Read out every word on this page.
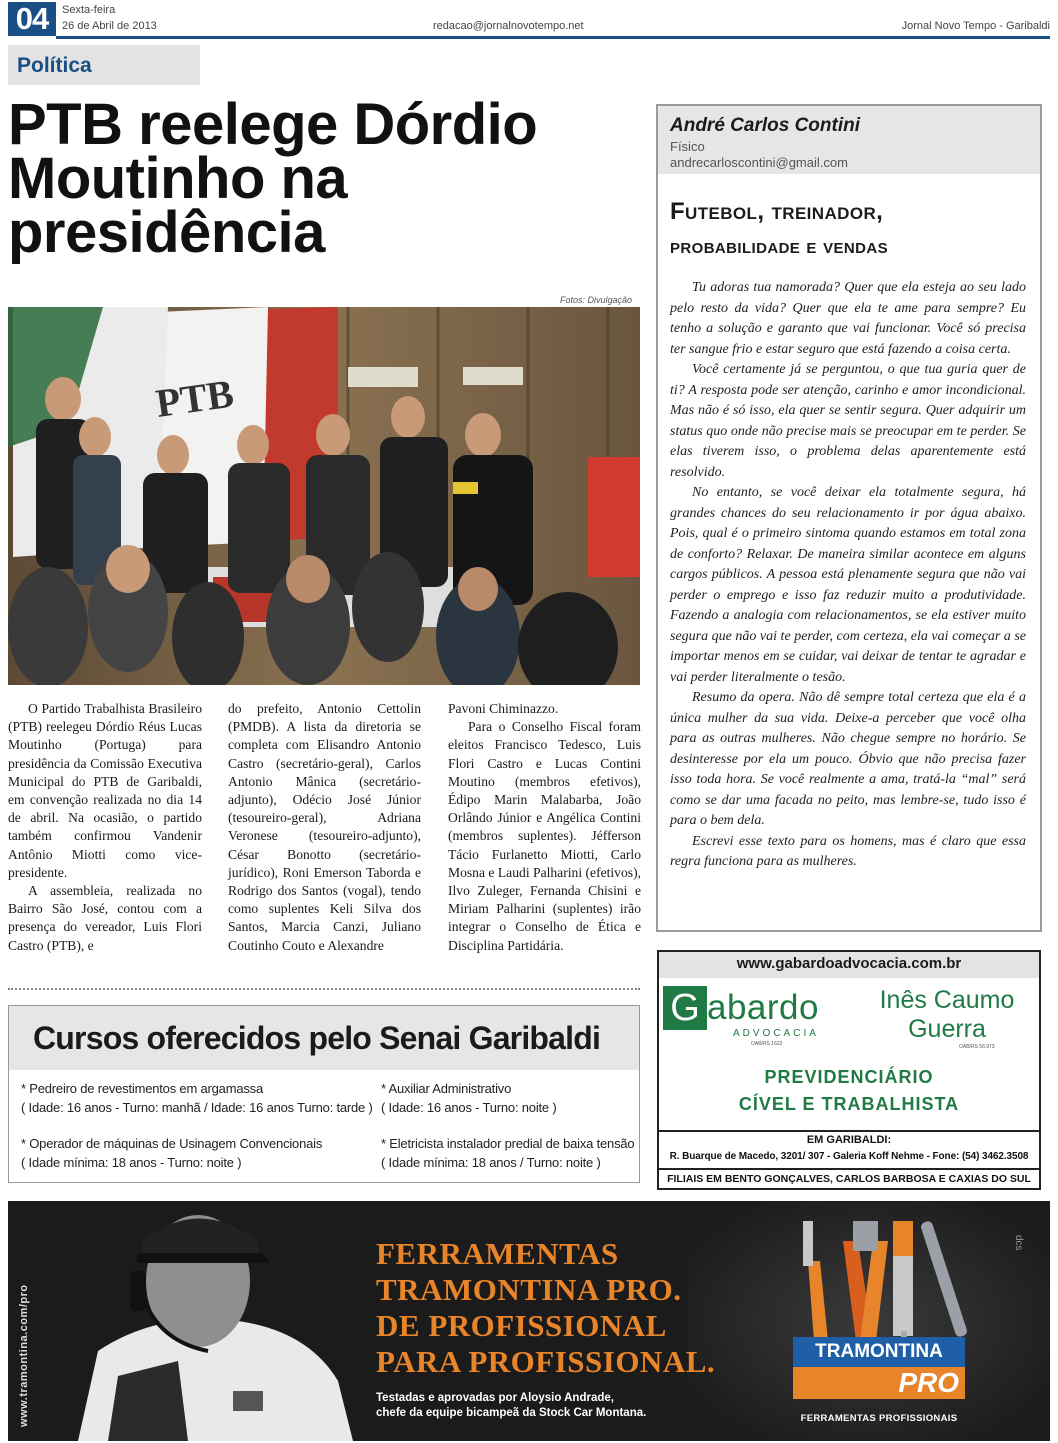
04	Sexta-feira
26 de Abril de 2013	redacao@jornalnovotempo.net	Jornal Novo Tempo - Garibaldi
Política
PTB reelege Dórdio Moutinho na presidência
Fotos: Divulgação
PTB

O Partido Trabalhista Brasileiro (PTB) reelegeu Dórdio Réus Lucas Moutinho (Portuga) para presidência da Comissão Executiva Municipal do PTB de Garibaldi, em convenção realizada no dia 14 de abril. Na ocasião, o partido também confirmou Vandenir Antônio Miotti como vice-presidente.

A assembleia, realizada no Bairro São José, contou com a presença do vereador, Luis Flori Castro (PTB), e

do prefeito, Antonio Cettolin (PMDB). A lista da diretoria se completa com Elisandro Antonio Castro (secretário-geral), Carlos Antonio Mânica (secretário-adjunto), Odécio José Júnior (tesoureiro-geral), Adriana Veronese (tesoureiro-adjunto), César Bonotto (secretário-jurídico), Roni Emerson Taborda e Rodrigo dos Santos (vogal), tendo como suplentes Keli Silva dos Santos, Marcia Canzi, Juliano Coutinho Couto e Alexandre

Pavoni Chiminazzo.

Para o Conselho Fiscal foram eleitos Francisco Tedesco, Luis Flori Castro e Lucas Contini Moutino (membros efetivos), Édipo Marin Malabarba, João Orlândo Júnior e Angélica Contini (membros suplentes). Jéfferson Tácio Furlanetto Miotti, Carlo Mosna e Laudi Palharini (efetivos), Ilvo Zuleger, Fernanda Chisini e Miriam Palharini (suplentes) irão integrar o Conselho de Ética e Disciplina Partidária.

Cursos oferecidos pelo Senai Garibaldi
* Pedreiro de revestimentos em argamassa
( Idade: 16 anos - Turno: manhã / Idade: 16 anos Turno: tarde )
* Auxiliar Administrativo
( Idade: 16 anos - Turno: noite )
* Operador de máquinas de Usinagem Convencionais
( Idade mínima: 18 anos - Turno: noite )
* Eletricista instalador predial de baixa tensão
( Idade mínima: 18 anos / Turno: noite )
André Carlos Contini
Físico
andrecarloscontini@gmail.com
Futebol, treinador,
probabilidade e vendas

Tu adoras tua namorada? Quer que ela esteja ao seu lado pelo resto da vida? Quer que ela te ame para sempre? Eu tenho a solução e garanto que vai funcionar. Você só precisa ter sangue frio e estar seguro que está fazendo a coisa certa.

Você certamente já se perguntou, o que tua guria quer de ti? A resposta pode ser atenção, carinho e amor incondicional. Mas não é só isso, ela quer se sentir segura. Quer adquirir um status quo onde não precise mais se preocupar em te perder. Se elas tiverem isso, o problema delas aparentemente está resolvido.

No entanto, se você deixar ela totalmente segura, há grandes chances do seu relacionamento ir por água abaixo. Pois, qual é o primeiro sintoma quando estamos em total zona de conforto? Relaxar. De maneira similar acontece em alguns cargos públicos. A pessoa está plenamente segura que não vai perder o emprego e isso faz reduzir muito a produtividade. Fazendo a analogia com relacionamentos, se ela estiver muito segura que não vai te perder, com certeza, ela vai começar a se importar menos em se cuidar, vai deixar de tentar te agradar e vai perder literalmente o tesão.

Resumo da opera. Não dê sempre total certeza que ela é a única mulher da sua vida. Deixe-a perceber que você olha para as outras mulheres. Não chegue sempre no horário. Se desinteresse por ela um pouco. Óbvio que não precisa fazer isso toda hora. Se você realmente a ama, tratá-la “mal” será como se dar uma facada no peito, mas lembre-se, tudo isso é para o bem dela.

Escrevi esse texto para os homens, mas é claro que essa regra funciona para as mulheres.

www.gabardoadvocacia.com.br
G abardo
ADVOCACIA
OAB/RS 1622
Inês Caumo
Guerra
OAB/RS 56.973
PREVIDENCIÁRIO
CÍVEL E TRABALHISTA
EM GARIBALDI:
R. Buarque de Macedo, 3201/ 307 - Galeria Koff Nehme - Fone: (54) 3462.3508
FILIAIS EM BENTO GONÇALVES, CARLOS BARBOSA E CAXIAS DO SUL
www.tramontina.com/pro
FERRAMENTAS
TRAMONTINA PRO.
DE PROFISSIONAL
PARA PROFISSIONAL.
Testadas e aprovadas por Aloysio Andrade,
chefe da equipe bicampeã da Stock Car Montana.
TRAMONTINA
PRO
FERRAMENTAS PROFISSIONAIS
dcs
